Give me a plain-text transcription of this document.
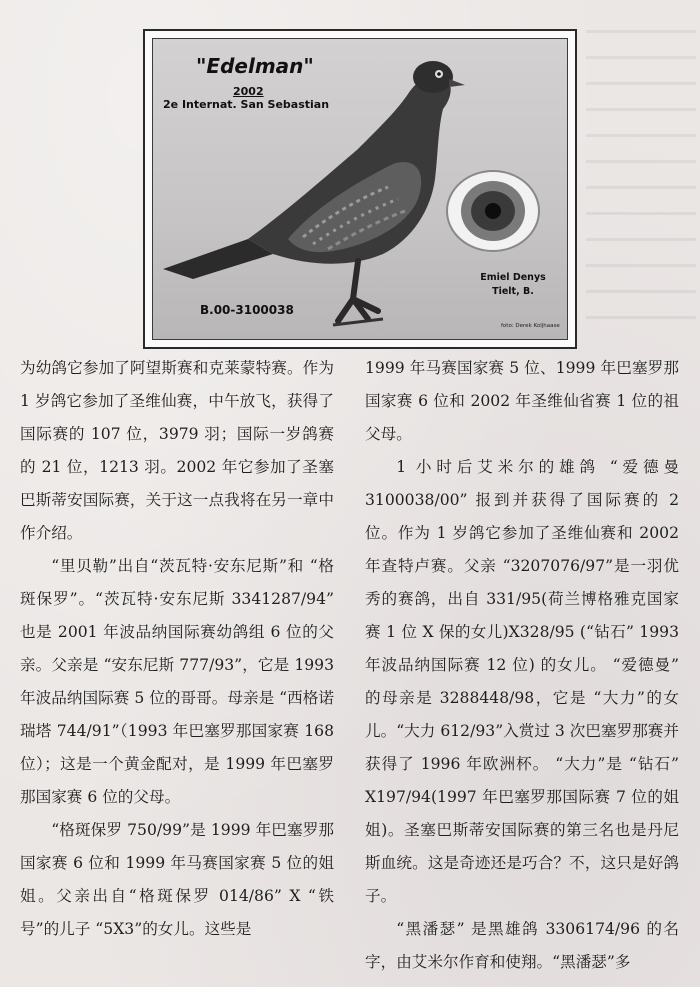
"Edelman"
2002
2e Internat. San Sebastian
B.00-3100038
Emiel Denys
Tielt, B.
foto: Derek Koljhaase

为幼鸽它参加了阿望斯赛和克莱蒙特赛。作为 1 岁鸽它参加了圣维仙赛，中午放飞，获得了国际赛的 107 位，3979 羽；国际一岁鸽赛的 21 位，1213 羽。2002 年它参加了圣塞巴斯蒂安国际赛，关于这一点我将在另一章中作介绍。

“里贝勒”出自“茨瓦特·安东尼斯”和 “格斑保罗”。“茨瓦特·安东尼斯 3341287/94” 也是 2001 年波品纳国际赛幼鸽组 6 位的父亲。父亲是 “安东尼斯 777/93”，它是 1993 年波品纳国际赛 5 位的哥哥。母亲是 “西格诺瑞塔 744/91”（1993 年巴塞罗那国家赛 168 位）；这是一个黄金配对，是 1999 年巴塞罗那国家赛 6 位的父母。

“格斑保罗 750/99”是 1999 年巴塞罗那国家赛 6 位和 1999 年马赛国家赛 5 位的姐姐。父亲出自“格斑保罗 014/86” X “铁号”的儿子 “5X3”的女儿。这些是

1999 年马赛国家赛 5 位、1999 年巴塞罗那国家赛 6 位和 2002 年圣维仙省赛 1 位的祖父母。

1 小时后艾米尔的雄鸽 “爱德曼 3100038/00” 报到并获得了国际赛的 2 位。作为 1 岁鸽它参加了圣维仙赛和 2002 年查特卢赛。父亲 “3207076/97”是一羽优秀的赛鸽，出自 331/95(荷兰博格雅克国家赛 1 位 X 保的女儿)X328/95 (“钻石” 1993 年波品纳国际赛 12 位) 的女儿。 “爱德曼” 的母亲是 3288448/98，它是 “大力”的女儿。“大力 612/93”入赏过 3 次巴塞罗那赛并获得了 1996 年欧洲杯。 “大力”是 “钻石” X197/94(1997 年巴塞罗那国际赛 7 位的姐姐)。圣塞巴斯蒂安国际赛的第三名也是丹尼斯血统。这是奇迹还是巧合？不，这只是好鸽子。

“黑潘瑟” 是黑雄鸽 3306174/96 的名字，由艾米尔作育和使翔。“黑潘瑟”多
